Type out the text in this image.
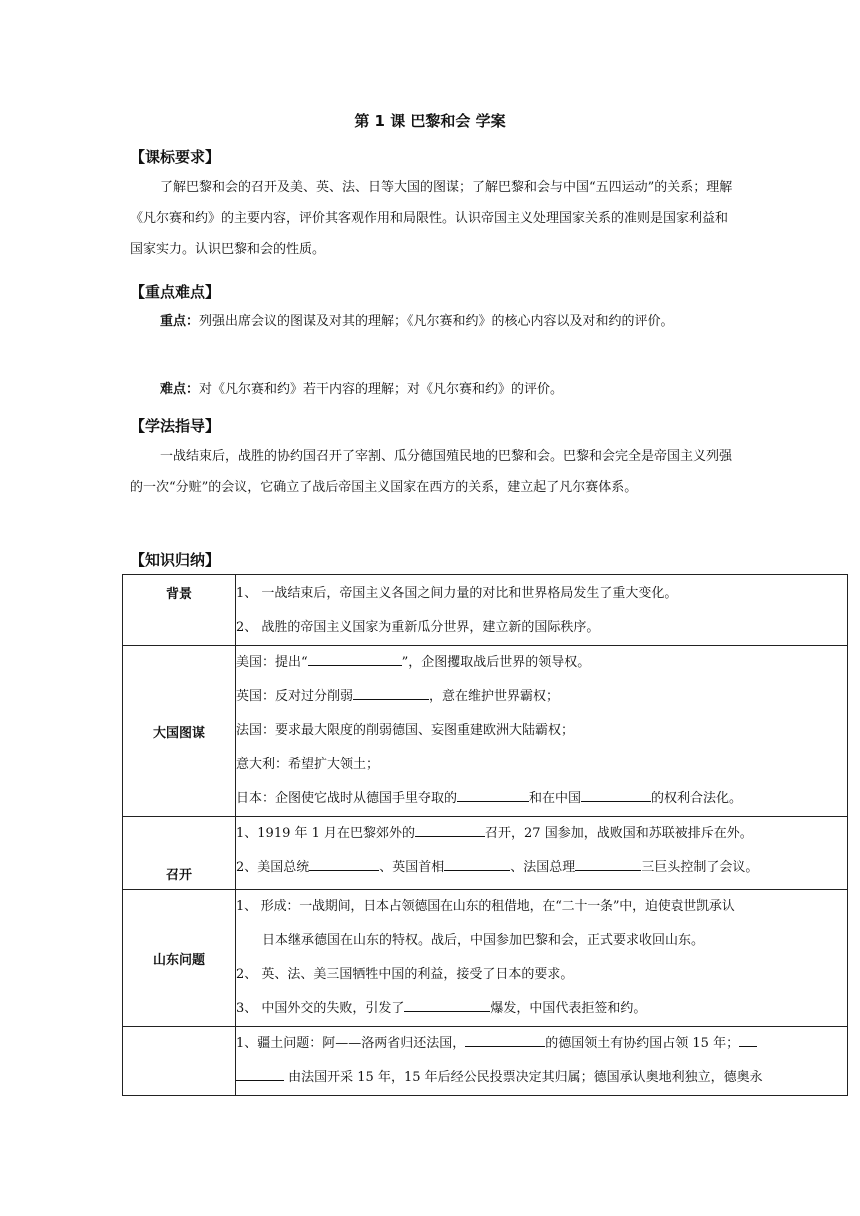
第 1 课 巴黎和会 学案
【课标要求】
了解巴黎和会的召开及美、英、法、日等大国的图谋；了解巴黎和会与中国“五四运动”的关系；理解《凡尔赛和约》的主要内容，评价其客观作用和局限性。认识帝国主义处理国家关系的准则是国家利益和国家实力。认识巴黎和会的性质。
【重点难点】
重点：列强出席会议的图谋及对其的理解；《凡尔赛和约》的核心内容以及对和约的评价。
难点：对《凡尔赛和约》若干内容的理解；对《凡尔赛和约》的评价。
【学法指导】
一战结束后，战胜的协约国召开了宰割、瓜分德国殖民地的巴黎和会。巴黎和会完全是帝国主义列强的一次“分赃”的会议，它确立了战后帝国主义国家在西方的关系，建立起了凡尔赛体系。
【知识归纳】
背景	1、 一战结束后，帝国主义各国之间力量的对比和世界格局发生了重大变化。
2、 战胜的帝国主义国家为重新瓜分世界，建立新的国际秩序。

大国图谋	美国：提出“ ”，企图攫取战后世界的领导权。
英国：反对过分削弱 ，意在维护世界霸权；
法国：要求最大限度的削弱德国、妄图重建欧洲大陆霸权；
意大利：希望扩大领土；
日本：企图使它战时从德国手里夺取的 和在中国 的权利合法化。

召开	1、1919 年 1 月在巴黎郊外的 召开，27 国参加，战败国和苏联被排斥在外。
2、美国总统 、英国首相 、法国总理 三巨头控制了会议。

山东问题	1、 形成：一战期间，日本占领德国在山东的租借地，在“二十一条”中，迫使袁世凯承认
日本继承德国在山东的特权。战后，中国参加巴黎和会，正式要求收回山东。
2、 英、法、美三国牺牲中国的利益，接受了日本的要求。
3、 中国外交的失败，引发了 爆发，中国代表拒签和约。

	1、疆土问题：阿——洛两省归还法国， 的德国领土有协约国占领 15 年；
由法国开采 15 年，15 年后经公民投票决定其归属；德国承认奥地利独立，德奥永
